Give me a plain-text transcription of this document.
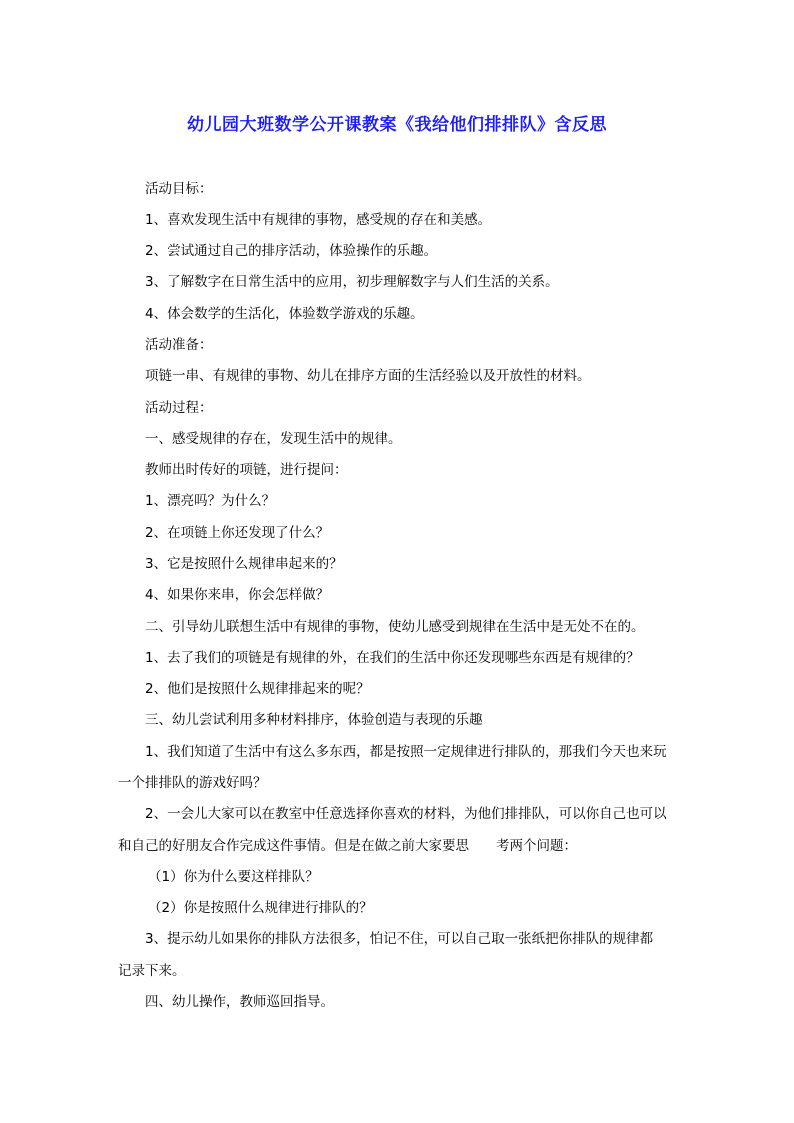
幼儿园大班数学公开课教案《我给他们排排队》含反思

活动目标：

1、喜欢发现生活中有规律的事物，感受规的存在和美感。

2、尝试通过自己的排序活动，体验操作的乐趣。

3、了解数字在日常生活中的应用，初步理解数字与人们生活的关系。

4、体会数学的生活化，体验数学游戏的乐趣。

活动准备：

项链一串、有规律的事物、幼儿在排序方面的生活经验以及开放性的材料。

活动过程：

一、感受规律的存在，发现生活中的规律。

教师出时传好的项链，进行提问：

1、漂亮吗？为什么？

2、在项链上你还发现了什么？

3、它是按照什么规律串起来的？

4、如果你来串，你会怎样做？

二、引导幼儿联想生活中有规律的事物，使幼儿感受到规律在生活中是无处不在的。

1、去了我们的项链是有规律的外，在我们的生活中你还发现哪些东西是有规律的？

2、他们是按照什么规律排起来的呢？

三、幼儿尝试利用多种材料排序，体验创造与表现的乐趣

1、我们知道了生活中有这么多东西，都是按照一定规律进行排队的，那我们今天也来玩

一个排排队的游戏好吗？

2、一会儿大家可以在教室中任意选择你喜欢的材料，为他们排排队，可以你自己也可以

和自己的好朋友合作完成这件事情。但是在做之前大家要思　　考两个问题：

（1）你为什么要这样排队？

（2）你是按照什么规律进行排队的？

3、提示幼儿如果你的排队方法很多，怕记不住，可以自己取一张纸把你排队的规律都

记录下来。

四、幼儿操作，教师巡回指导。
